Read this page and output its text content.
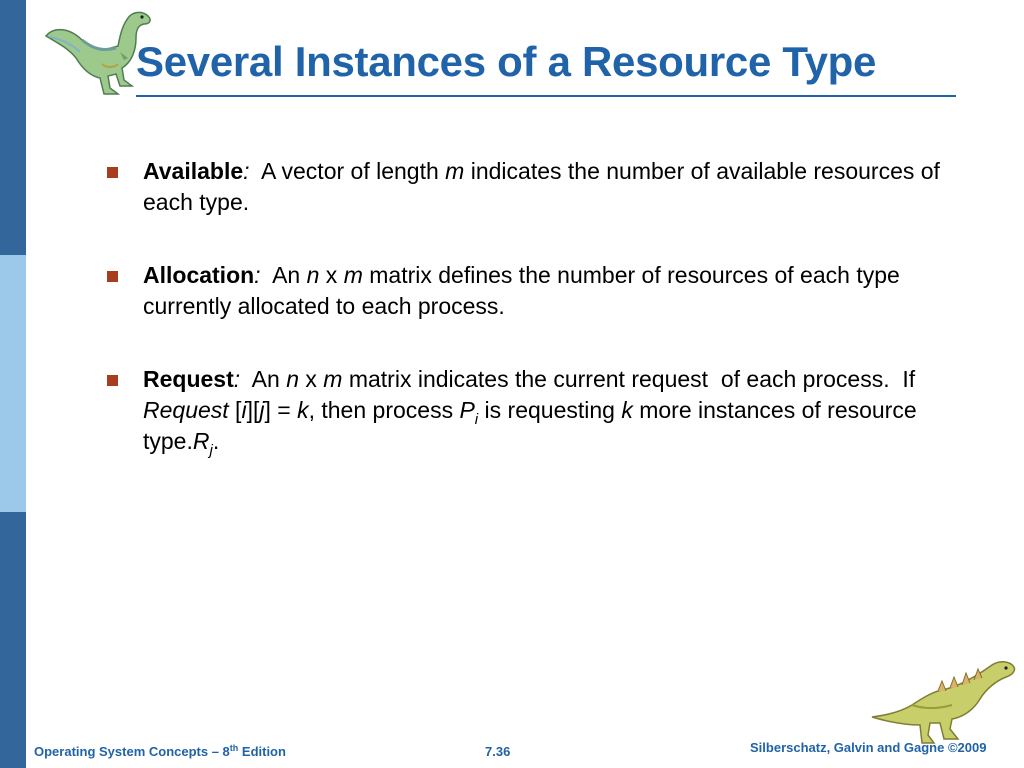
Several Instances of a Resource Type
Available:  A vector of length m indicates the number of available resources of each type.
Allocation:  An n x m matrix defines the number of resources of each type currently allocated to each process.
Request:  An n x m matrix indicates the current request  of each process.  If Request [i][j] = k, then process $P_i$ is requesting k more instances of resource $type.R_j$.
Operating System Concepts – 8th Edition	7.36	Silberschatz, Galvin and Gagne ©2009
